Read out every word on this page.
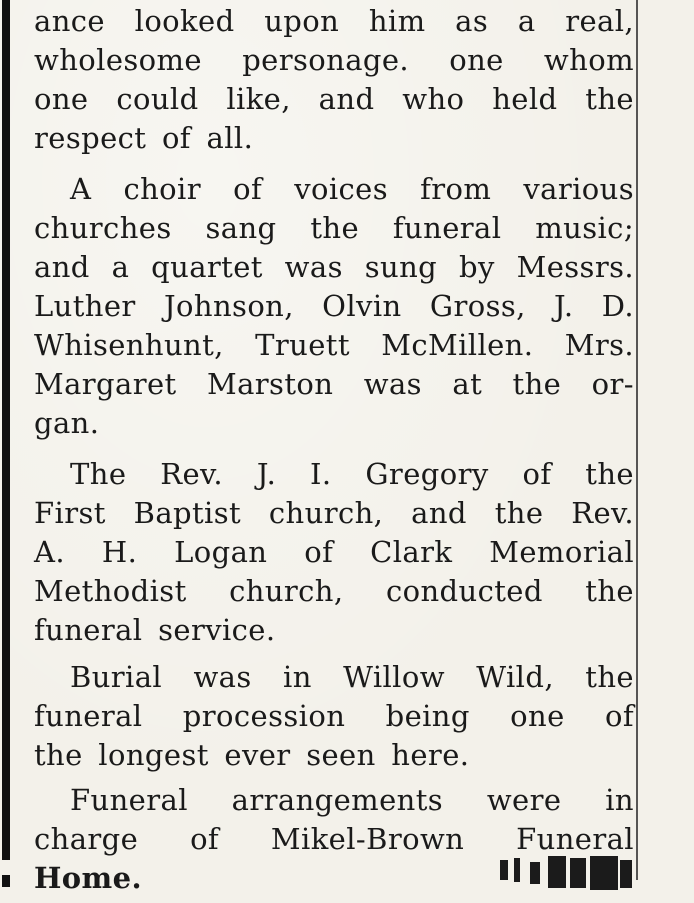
ance looked upon him as a real,
wholesome personage. one whom
one could like, and who held the
respect of all.
A choir of voices from various
churches sang the funeral music;
and a quartet was sung by Messrs.
Luther Johnson, Olvin Gross, J. D.
Whisenhunt, Truett McMillen. Mrs.
Margaret Marston was at the or-
gan.
The Rev. J. I. Gregory of the
First Baptist church, and the Rev.
A. H. Logan of Clark Memorial
Methodist church, conducted the
funeral service.
Burial was in Willow Wild, the
funeral procession being one of
the longest ever seen here.
Funeral arrangements were in
charge of Mikel-Brown Funeral
Home.
